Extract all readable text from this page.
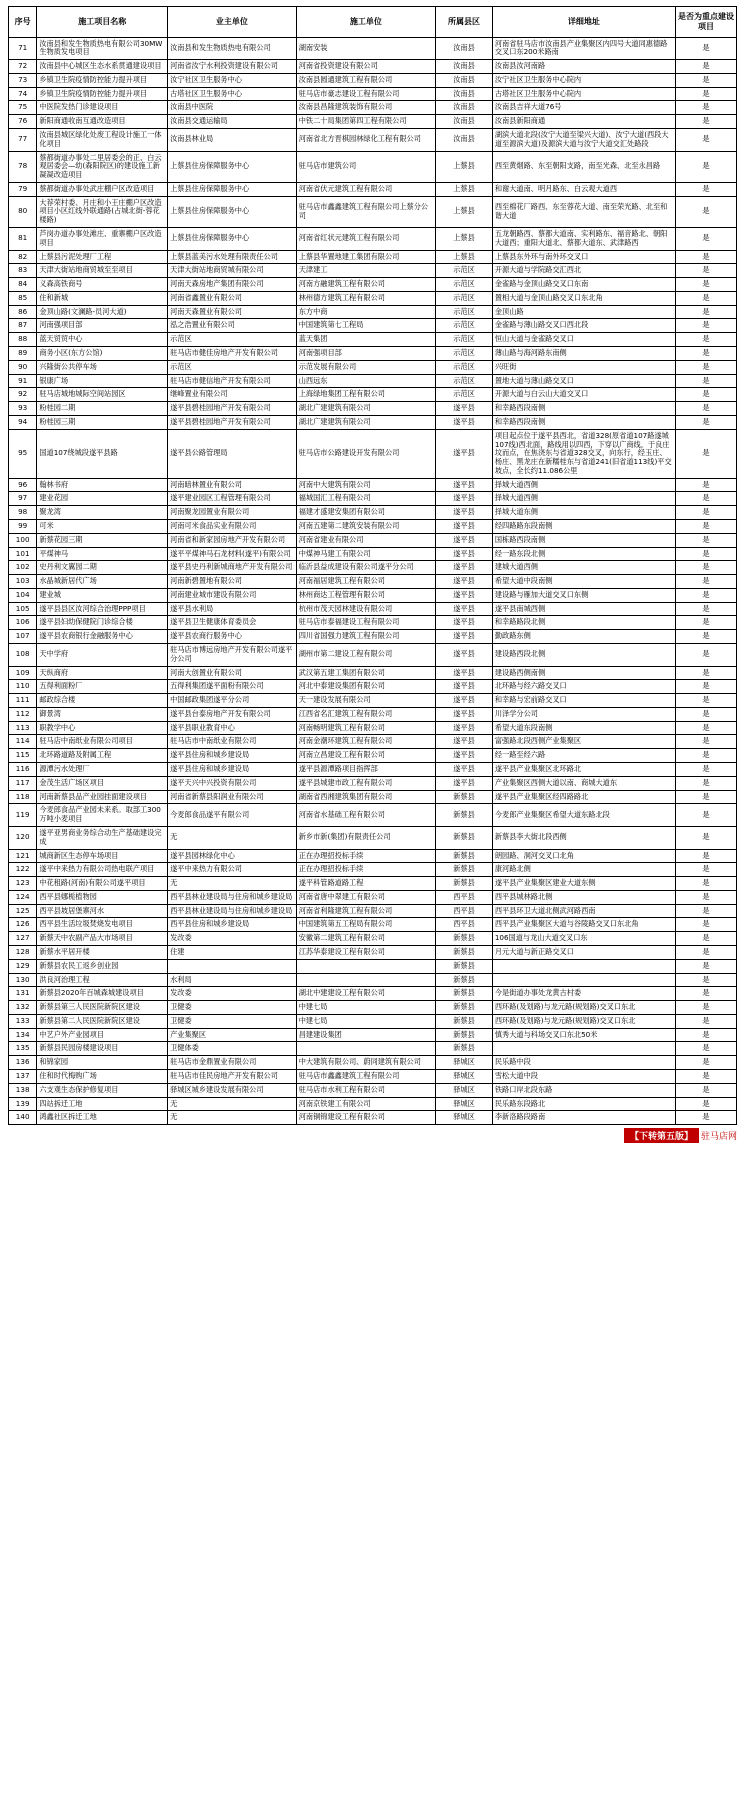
序号	施工项目名称	业主单位	施工单位	所属县区	详细地址	是否为重点建设项目
71	汝南县和发生物质热电有限公司30MW生物质发电项目	汝南县和发生物质热电有限公司	湖南安装	汝南县	河南省驻马店市汝南县产业集聚区内四号大道同惠德路交叉口东200米路南	是
72	汝南县中心城区生态水系贯通建设项目	河南省汝宁水利投资建设有限公司	河南省投资建设有限公司	汝南县	汝南县汝河南路	是
73	乡镇卫生院疫情防控能力提升项目	汝宁社区卫生服务中心	汝南县圆通建筑工程有限公司	汝南县	汝宁社区卫生服务中心院内	是
74	乡镇卫生院疫情防控能力提升项目	古塔社区卫生服务中心	驻马店市豪志建设工程有限公司	汝南县	古塔社区卫生服务中心院内	是
75	中医院发热门诊建设项目	汝南县中医院	汝南县昌隆建筑装饰有限公司	汝南县	汝南县吉祥大道76号	是
76	新阳商通收南互通改造项目	汝南县交通运输局	中铁二十局集团第四工程有限公司	汝南县	汝南县新阳商通	是
77	汝南县城区绿化处废工程设计施工一体化项目	汝南县林业局	河南省北方晋棋园林绿化工程有限公司	汝南县	湖滨大道北段(汝宁大道至梁兴大道)、汝宁大道(西段大道至源滨大道)及源滨大道与汝宁大道交汇处路段	是
78	蔡都街道办事处二里居委会的正、白云观居委会—幼(森阳院区)的建设施工新凝凝改造项目	上蔡县住房保障服务中心	驻马店市建筑公司	上蔡县	西至黄烟路、东至朝阳支路，南至光森、北至永昌路	是
79	蔡都街道办事处武庄棚户区改造项目	上蔡县住房保障服务中心	河南省伏元建筑工程有限公司	上蔡县	和谢大道南、明月路东、白云观大道西	是
80	大荐荣村委、月庄和小王庄棚户区改造项目小区红线外联通路(占城北街-蓉花楼路)	上蔡县住房保障服务中心	驻马店市鑫鑫建筑工程有限公司上蔡分公司	上蔡县	西至棉花厂路西、东至蓉花大道、南至荣光路、北至和谐大道	是
81	芦岗办道办事处滩庄、重寨棚户区改造项目	上蔡县住房保障服务中心	河南省红状元建筑工程有限公司	上蔡县	五龙朝路西、蔡都大道南、实利路东、福音路北、朝阳大道西；重阳大道北、蔡都大道东、武津路西	是
82	上蔡县污泥处理厂工程	上蔡县蓝美污水处理有限责任公司	上蔡县华置地建工集团有限公司	上蔡县	上蔡县东外环与南外环交叉口	是
83	天津大街站地商贸城至至项目	天津大街站地商贸城有限公司	天津建工	示范区	开源大道与学院路交汇西北	是
84	义森高铁商号	河南天森房地产集团有限公司	河南方融建筑工程有限公司	示范区	金雀路与金顶山路交叉口东南	是
85	住和新城	河南省鑫置业有限公司	林州德方建筑工程有限公司	示范区	置相大道与金顶山路交叉口东北角	是
86	金顶山路(文澜路-员河大道)	河南天森置业有限公司	东方中商	示范区	金顶山路	是
87	河南强项目部	泓之浩置业有限公司	中国建筑第七工程局	示范区	金雀路与薄山路交叉口西北段	是
88	蓝天贸贸中心	示范区	蓝天集团	示范区	恒山大道与金雀路交叉口	是
89	商务小区(东方公馆)	驻马店市健佳房地产开发有限公司	河南强项目部	示范区	薄山路与海河路东南侧	是
90	兴隆街公共停车场	示范区	示范发展有限公司	示范区	兴旺街	是
91	银康广场	驻马店市健信地产开发有限公司	山西远东	示范区	置地大道与薄山路交叉口	是
92	驻马店城地城际空间站园区	继峰置业有限公司	上海绿地集团工程有限公司	示范区	开源大道与白云山大道交叉口	是
93	粉桂园二期	遂平县碧桂园地产开发有限公司	湖北广建建筑有限公司	遂平县	和幸路西段南侧	是
94	粉桂园三期	遂平县碧桂园地产开发有限公司	湖北广建建筑有限公司	遂平县	和幸路西段南侧	是
95	国道107绕城段遂平县路	遂平县公路管理局	驻马店市公路建设开发有限公司	遂平县	项目起点位于遂平县西北，省道328(原省道107路遂城107线)西北面，路线用以四西，下穿以广商线，于良庄坟而点，在焦浇东与省道328交叉，向东行，经玉庄、杨庄、黑龙庄在新糯桂东与省道241(旧省道113线)平交坡点，全长约11.086公里	是
96	翰林书府	河南暗林置业有限公司	河南中大建筑有限公司	遂平县	择城大道西侧	是
97	建业花园	遂平建业园区工程管理有限公司	福城国汇工程有限公司	遂平县	择城大道西侧	是
98	聚龙湾	河南聚龙园置业有限公司	福建才盛建安集团有限公司	遂平县	择城大道东侧	是
99	可米	河南可米食品实业有限公司	河南五建第二建筑安装有限公司	遂平县	经四路路东段南侧	是
100	新蔡花园三期	河南省和新家园房地产开发有限公司	河南省建业有限公司	遂平县	国栋路西段南侧	是
101	平煤神马	遂平平煤神马石龙材料(遂平)有限公司	中煤神马建工有限公司	遂平县	经一路东段北侧	是
102	史丹利文翼园二期	遂平县史丹利新城商地产开发有限公司	临沂县益成建设有限公司遂平分公司	遂平县	建城大道西侧	是
103	水晶城新居代广场	河南新碧置地有限公司	河南福居建筑工程有限公司	遂平县	希望大道中段南侧	是
104	建业城	河南建业城市建设有限公司	林州商达工程管理有限公司	遂平县	建设路与雁加大道交叉口东侧	是
105	遂平县县区汝河综合治理PPP项目	遂平县水利局	杭州市茂天园林建设有限公司	遂平县	遂平县南城西侧	是
106	遂平县妇幼保健院门诊综合楼	遂平县卫生健康体育委员会	驻马店市泰福建设工程有限公司	遂平县	和幸路路段北侧	是
107	遂平县农商银行金融服务中心	遂平县农商行服务中心	四川省国强力建筑工程有限公司	遂平县	勤政路东侧	是
108	天中学府	驻马店市博远房地产开发有限公司遂平分公司	湖州市第二建设工程有限公司	遂平县	建设路西段北侧	是
109	天纵商府	河南大创置业有限公司	武汉第五建工集团有限公司	遂平县	建设路西侧南侧	是
110	五得利面粉厂	五得利集团遂平面粉有限公司	河北中泰建设集团有限公司	遂平县	北环路与经六路交叉口	是
111	邮政综合楼	中国邮政集团遂平分公司	天一建设发展有限公司	遂平县	和幸路与宏前路交叉口	是
112	御景湾	遂平县台泰房地产开发有限公司	江西省名汇建筑工程有限公司	遂平县	川泽学分公司	是
113	职教学中心	遂平县职业教育中心	河南畅明建筑工程有限公司	遂平县	希望大道东段南侧	是
114	驻马店中南纸业有限公司项目	驻马店市中南纸业有限公司	河南金潮环建筑工程有限公司	遂平县	富强路北段西侧产业集聚区	是
115	北环路道路及附属工程	遂平县住房和城乡建设局	河南立昌建设工程有限公司	遂平县	经一路至经六路	是
116	源潭污水处理厂	遂平县住房和城乡建设局	遂平县源潭路项目指挥部	遂平县	遂平县产业集聚区北环路北	是
117	金茂生活广场区项目	遂平天兴中兴投资有限公司	遂平县城建市政工程有限公司	遂平县	产业集聚区西侧大道以南、商城大道东	是
118	河南新蔡县品产业园挂面建设项目	河南省新蔡县阳润业有限公司	湖南省西湘建筑集团有限公司	新蔡县	遂平县产业集聚区经四路路北	是
119	今麦郎食品产业园未来系。取部工300万吨小麦项目	今麦郎食品遂平有限公司	河南省水基础工程有限公司	新蔡县	今麦郎产业集聚区希望大道东路北段	是
120	遂平亚男商业务综合动生产基础建设完成	无	新乡市新(集团)有限责任公司	新蔡县	新蔡县李大街北段西侧	是
121	城商新区生态停车场项目	遂平县园林绿化中心	正在办理招投标手续	新蔡县	朗园路、洞河交叉口北角	是
122	遂平中来热力有限公司热电联产项目	遂平中来热力有限公司	正在办理招投标手续	新蔡县	康河路北侧	是
123	中花租路(河南)有限公司遂平项目	无	遂平科管路道路工程	新蔡县	遂平县产业集聚区建业大道东侧	是
124	西平县娜栀植物园	西平县林业建设局与住房和城乡建设局	河南省唐中翠建工有限公司	西平县	西平县城林路北侧	是
125	西平县坡居堡寨河水	西平县林业建设局与住房和城乡建设局	河南省利隆建筑工程有限公司	西平县	西平县环卫大道北侧武河路西南	是
126	西平县生活垃圾焚烧发电项目	西平县住房和城乡建设局	中国建筑第五工程局有限公司	西平县	西平县产业集聚区大道与谷陵路交叉口东北角	是
127	新蔡天中农副产品大市场项目	发改委	安徽第二建筑工程有限公司	新蔡县	106国道与龙山大道交叉口东	是
128	新蔡水平居开楼	住建	江苏华泰建设工程有限公司	新蔡县	月元大道与新正路交叉口	是
129	新蔡县农民工返乡创业园			新蔡县		是
130	洪良河治理工程	水利局		新蔡县		是
131	新蔡县2020年百城森城建设项目	发改委	湖北中建建设工程有限公司	新蔡县	今是街道办事处龙黄古村委	是
132	新蔡县第三人民医院新院区建设	卫健委	中建七局	新蔡县	西环路(及划路)与龙元路(规划路)交叉口东北	是
133	新蔡县第二人民医院新院区建设	卫健委	中建七局	新蔡县	西环路(及划路)与龙元路(规划路)交叉口东北	是
134	中艺户外产业园项目	产业集聚区	昌建建设集团	新蔡县	慎秀大道与科场交叉口东北50米	是
135	新蔡县民园房楼建设项目	卫健体委		新蔡县		是
136	和锦家园	驻马店市金鼎置业有限公司	中大建筑有限公司、蔚同建筑有限公司	驿城区	民乐路中段	是
137	住和时代梅购广场	驻马店市佳民房地产开发有限公司	驻马店市鑫鑫建筑工程有限公司	驿城区	雪松大道中段	是
138	六支观生态保护修复项目	驿城区城乡建设发展有限公司	驻马店市水利工程有限公司	驿城区	铁路口岸北段东路	是
139	四站拆迁工地	无	河南京铁建工有限公司	驿城区	民乐路东段路北	是
140	鸿鑫社区拆迁工地	无	河南铜锦建设工程有限公司	驿城区	李新洛路段路南	是
【下转第五版】 驻马店网
